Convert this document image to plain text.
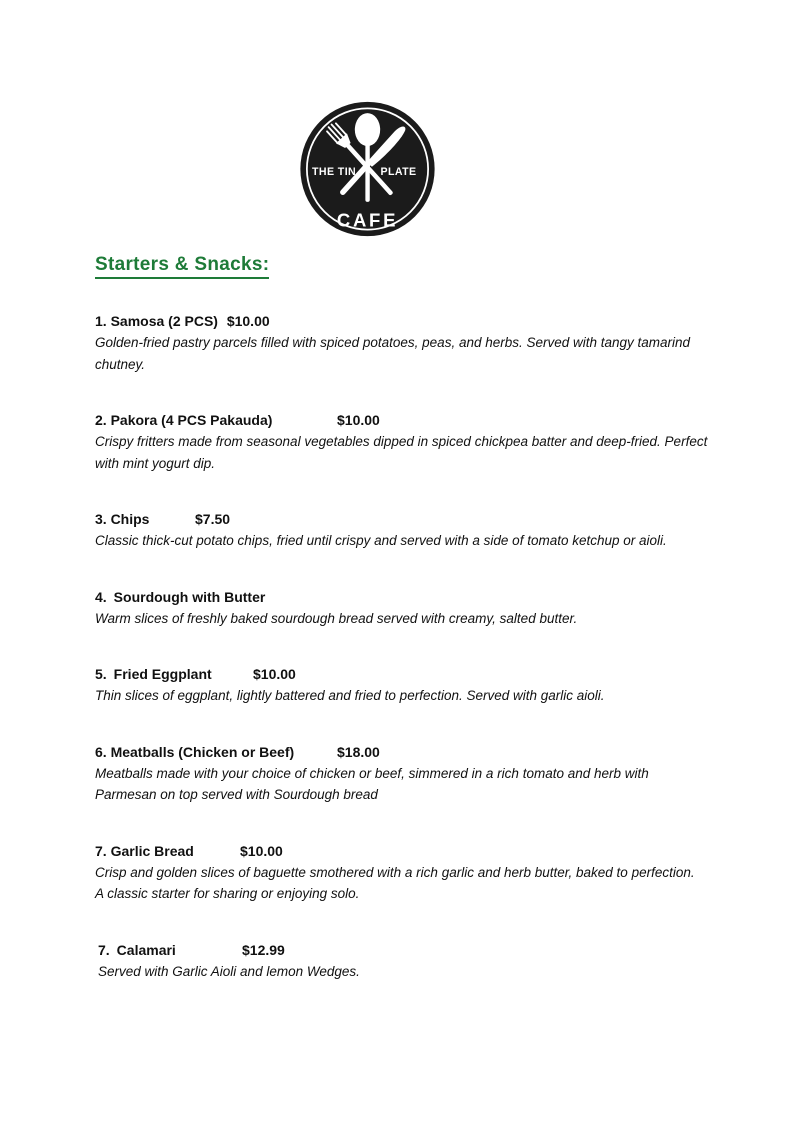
THE TIN PLATE
CAFE
Starters & Snacks:
1. Samosa (2 PCS) $10.00
Golden-fried pastry parcels filled with spiced potatoes, peas, and herbs. Served with tangy tamarind
chutney.
2. Pakora (4 PCS Pakauda)	$10.00
Crispy fritters made from seasonal vegetables dipped in spiced chickpea batter and deep-fried. Perfect
with mint yogurt dip.
3. Chips	$7.50
Classic thick-cut potato chips, fried until crispy and served with a side of tomato ketchup or aioli.
4. Sourdough with Butter
Warm slices of freshly baked sourdough bread served with creamy, salted butter.
5. Fried Eggplant	$10.00
Thin slices of eggplant, lightly battered and fried to perfection. Served with garlic aioli.
6. Meatballs (Chicken or Beef)	$18.00
Meatballs made with your choice of chicken or beef, simmered in a rich tomato and herb with
Parmesan on top served with Sourdough bread
7. Garlic Bread	$10.00
Crisp and golden slices of baguette smothered with a rich garlic and herb butter, baked to perfection.
A classic starter for sharing or enjoying solo.
7. Calamari	$12.99
Served with Garlic Aioli and lemon Wedges.
